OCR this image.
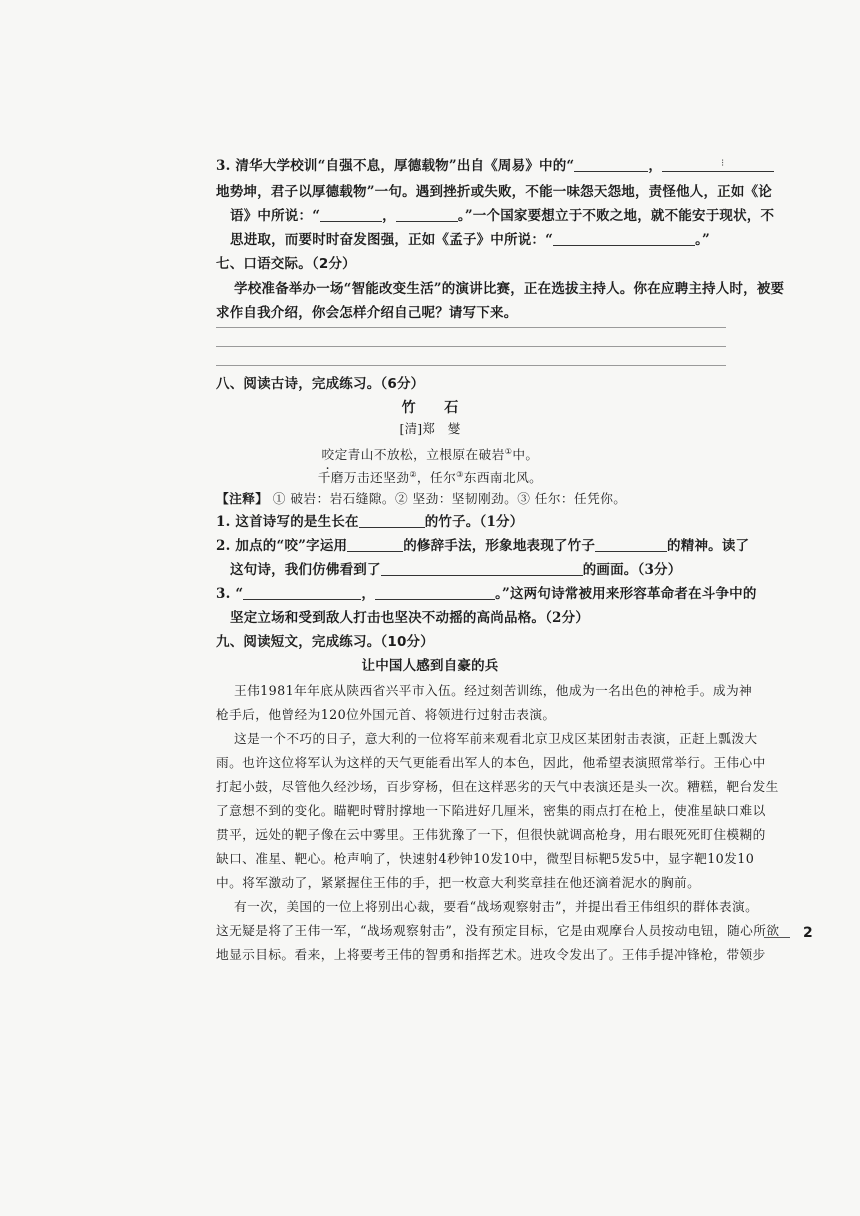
3. 清华大学校训“自强不息，厚德载物”出自《周易》中的“	，	⁝
地势坤，君子以厚德载物”一句。遇到挫折或失败，不能一味怨天怨地，责怪他人，正如《论
语》中所说：“	，	。”一个国家要想立于不败之地，就不能安于现状，不
思进取，而要时时奋发图强，正如《孟子》中所说：“	。”
七、口语交际。（2分）
学校准备举办一场“智能改变生活”的演讲比赛，正在选拔主持人。你在应聘主持人时，被要
求作自我介绍，你会怎样介绍自己呢？请写下来。
八、阅读古诗，完成练习。（6分）
竹　　石
[清]郑　燮
咬定青山不放松，立根原在破岩①中。
千磨万击还坚劲②，任尔③东西南北风。
【注释】 ① 破岩：岩石缝隙。② 坚劲：坚韧刚劲。③ 任尔：任凭你。
1. 这首诗写的是生长在	的竹子。（1分）
2. 加点的“咬”字运用	的修辞手法，形象地表现了竹子	的精神。读了
这句诗，我们仿佛看到了	的画面。（3分）
3. “	，	。”这两句诗常被用来形容革命者在斗争中的
坚定立场和受到敌人打击也坚决不动摇的高尚品格。（2分）
九、阅读短文，完成练习。（10分）
让中国人感到自豪的兵
王伟1981年年底从陕西省兴平市入伍。经过刻苦训练，他成为一名出色的神枪手。成为神
枪手后，他曾经为120位外国元首、将领进行过射击表演。
这是一个不巧的日子，意大利的一位将军前来观看北京卫戍区某团射击表演，正赶上瓢泼大
雨。也许这位将军认为这样的天气更能看出军人的本色，因此，他希望表演照常举行。王伟心中
打起小鼓，尽管他久经沙场，百步穿杨，但在这样恶劣的天气中表演还是头一次。糟糕，靶台发生
了意想不到的变化。瞄靶时臂肘撑地一下陷进好几厘米，密集的雨点打在枪上，使准星缺口难以
贯平，远处的靶子像在云中雾里。王伟犹豫了一下，但很快就调高枪身，用右眼死死盯住模糊的
缺口、准星、靶心。枪声响了，快速射4秒钟10发10中，微型目标靶5发5中，显字靶10发10
中。将军激动了，紧紧握住王伟的手，把一枚意大利奖章挂在他还滴着泥水的胸前。
有一次，美国的一位上将别出心裁，要看“战场观察射击”，并提出看王伟组织的群体表演。
这无疑是将了王伟一军，“战场观察射击”，没有预定目标，它是由观摩台人员按动电钮，随心所欲
地显示目标。看来，上将要考王伟的智勇和指挥艺术。进攻令发出了。王伟手提冲锋枪，带领步
2
